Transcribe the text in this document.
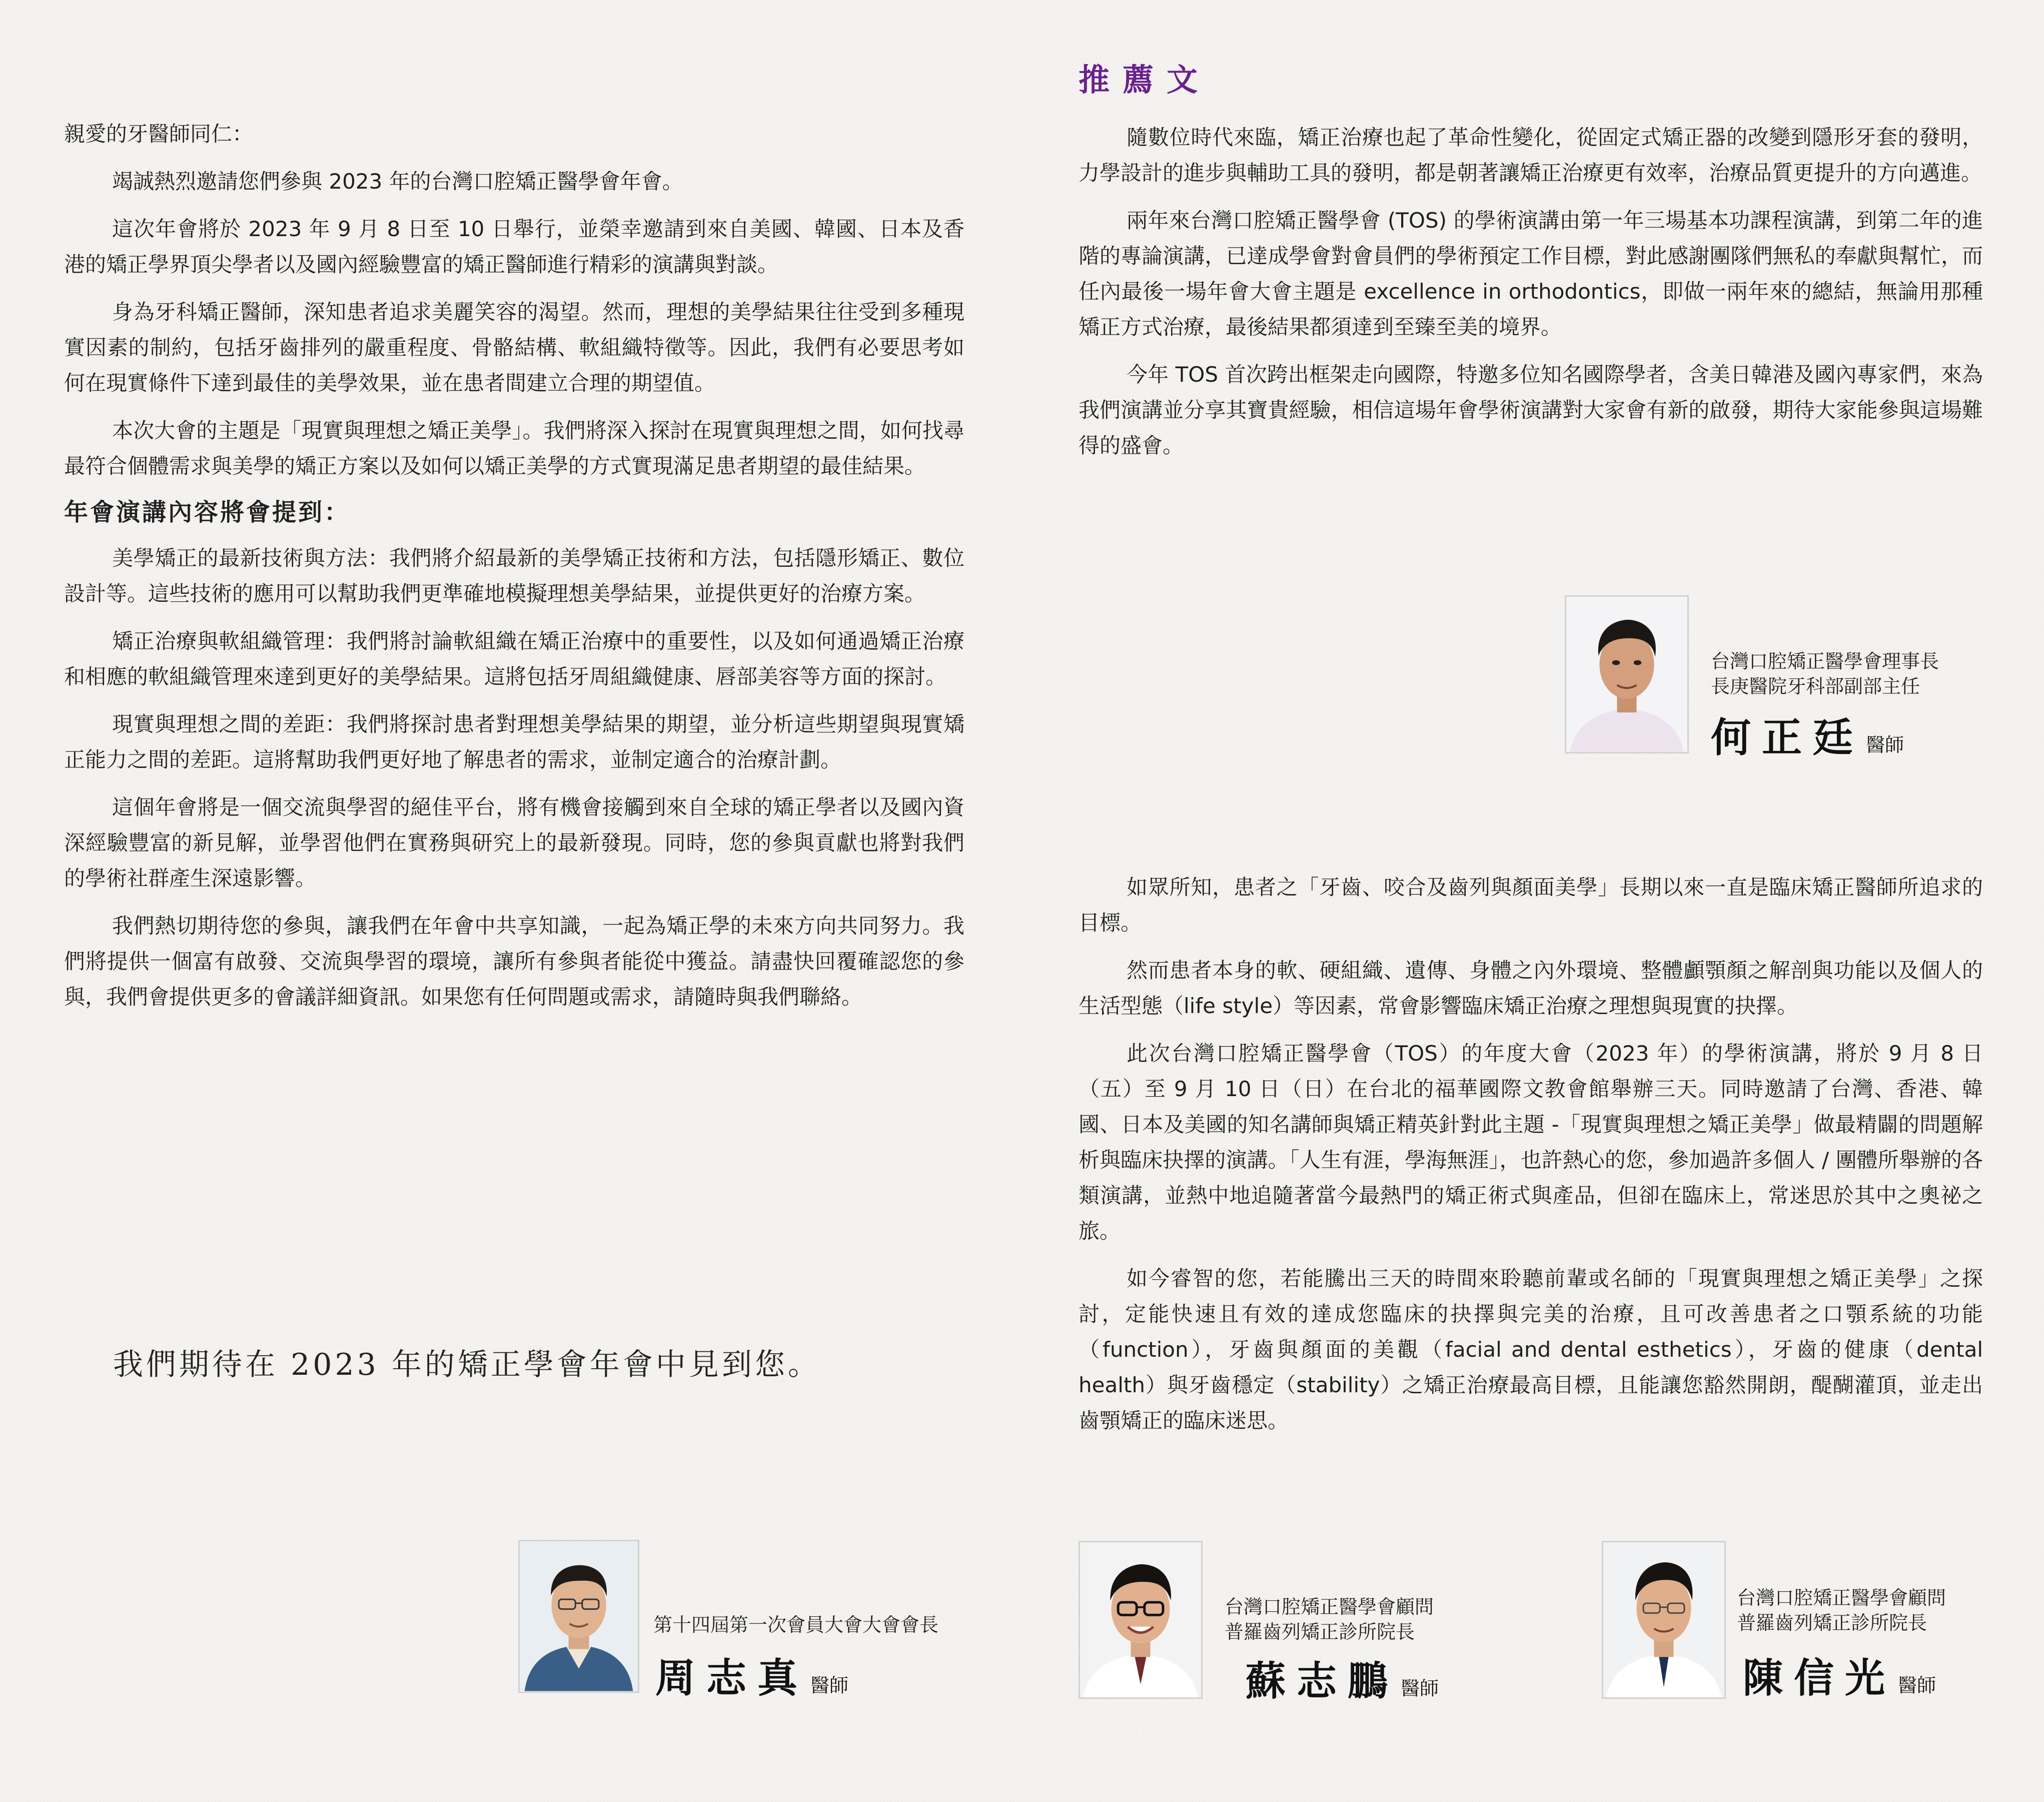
親愛的牙醫師同仁：

竭誠熱烈邀請您們參與 2023 年的台灣口腔矯正醫學會年會。

這次年會將於 2023 年 9 月 8 日至 10 日舉行，並榮幸邀請到來自美國、韓國、日本及香港的矯正學界頂尖學者以及國內經驗豐富的矯正醫師進行精彩的演講與對談。

身為牙科矯正醫師，深知患者追求美麗笑容的渴望。然而，理想的美學結果往往受到多種現實因素的制約，包括牙齒排列的嚴重程度、骨骼結構、軟組織特徵等。因此，我們有必要思考如何在現實條件下達到最佳的美學效果，並在患者間建立合理的期望值。

本次大會的主題是「現實與理想之矯正美學」。我們將深入探討在現實與理想之間，如何找尋最符合個體需求與美學的矯正方案以及如何以矯正美學的方式實現滿足患者期望的最佳結果。

年會演講內容將會提到：

美學矯正的最新技術與方法：我們將介紹最新的美學矯正技術和方法，包括隱形矯正、數位設計等。這些技術的應用可以幫助我們更準確地模擬理想美學結果，並提供更好的治療方案。

矯正治療與軟組織管理：我們將討論軟組織在矯正治療中的重要性，以及如何通過矯正治療和相應的軟組織管理來達到更好的美學結果。這將包括牙周組織健康、唇部美容等方面的探討。

現實與理想之間的差距：我們將探討患者對理想美學結果的期望，並分析這些期望與現實矯正能力之間的差距。這將幫助我們更好地了解患者的需求，並制定適合的治療計劃。

這個年會將是一個交流與學習的絕佳平台，將有機會接觸到來自全球的矯正學者以及國內資深經驗豐富的新見解，並學習他們在實務與研究上的最新發現。同時，您的參與貢獻也將對我們的學術社群產生深遠影響。

我們熱切期待您的參與，讓我們在年會中共享知識，一起為矯正學的未來方向共同努力。我們將提供一個富有啟發、交流與學習的環境，讓所有參與者能從中獲益。請盡快回覆確認您的參與，我們會提供更多的會議詳細資訊。如果您有任何問題或需求，請隨時與我們聯絡。

我們期待在 2023 年的矯正學會年會中見到您。
第十四屆第一次會員大會大會會長
周志真 醫師
推薦文

隨數位時代來臨，矯正治療也起了革命性變化，從固定式矯正器的改變到隱形牙套的發明，力學設計的進步與輔助工具的發明，都是朝著讓矯正治療更有效率，治療品質更提升的方向邁進。

兩年來台灣口腔矯正醫學會 (TOS) 的學術演講由第一年三場基本功課程演講，到第二年的進階的專論演講，已達成學會對會員們的學術預定工作目標，對此感謝團隊們無私的奉獻與幫忙，而任內最後一場年會大會主題是 excellence in orthodontics，即做一兩年來的總結，無論用那種矯正方式治療，最後結果都須達到至臻至美的境界。

今年 TOS 首次跨出框架走向國際，特邀多位知名國際學者，含美日韓港及國內專家們，來為我們演講並分享其寶貴經驗，相信這場年會學術演講對大家會有新的啟發，期待大家能參與這場難得的盛會。

台灣口腔矯正醫學會理事長
長庚醫院牙科部副部主任
何正廷 醫師

如眾所知，患者之「牙齒、咬合及齒列與顏面美學」長期以來一直是臨床矯正醫師所追求的目標。

然而患者本身的軟、硬組織、遺傳、身體之內外環境、整體顱顎顏之解剖與功能以及個人的生活型態（life style）等因素，常會影響臨床矯正治療之理想與現實的抉擇。

此次台灣口腔矯正醫學會（TOS）的年度大會（2023 年）的學術演講，將於 9 月 8 日（五）至 9 月 10 日（日）在台北的福華國際文教會館舉辦三天。同時邀請了台灣、香港、韓國、日本及美國的知名講師與矯正精英針對此主題 -「現實與理想之矯正美學」做最精闢的問題解析與臨床抉擇的演講。「人生有涯，學海無涯」，也許熱心的您，參加過許多個人 / 團體所舉辦的各類演講，並熱中地追隨著當今最熱門的矯正術式與產品，但卻在臨床上，常迷思於其中之奧祕之旅。

如今睿智的您，若能騰出三天的時間來聆聽前輩或名師的「現實與理想之矯正美學」之探討，定能快速且有效的達成您臨床的抉擇與完美的治療，且可改善患者之口顎系統的功能（function），牙齒與顏面的美觀（facial and dental esthetics），牙齒的健康（dental health）與牙齒穩定（stability）之矯正治療最高目標，且能讓您豁然開朗，醍醐灌頂，並走出齒顎矯正的臨床迷思。

台灣口腔矯正醫學會顧問
普羅齒列矯正診所院長
蘇志鵬 醫師
台灣口腔矯正醫學會顧問
普羅齒列矯正診所院長
陳信光 醫師
